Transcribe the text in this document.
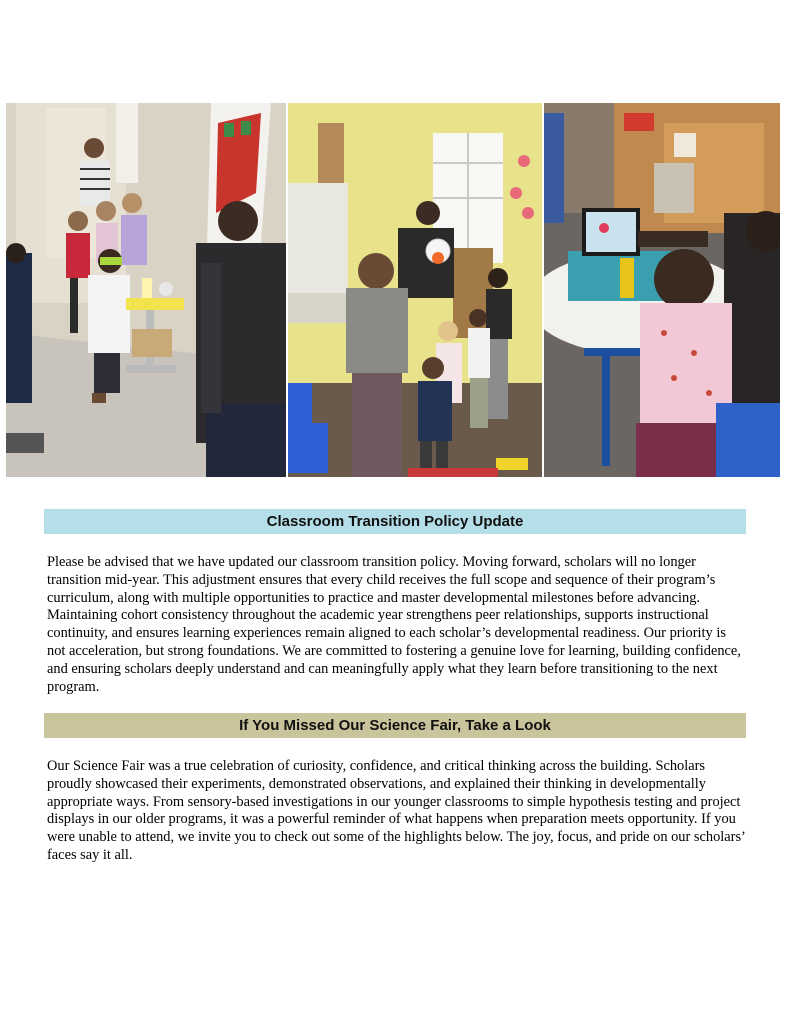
Classroom Transition Policy Update

Please be advised that we have updated our classroom transition policy. Moving forward, scholars will no longer transition mid-year. This adjustment ensures that every child receives the full scope and sequence of their program’s curriculum, along with multiple opportunities to practice and master developmental milestones before advancing. Maintaining cohort consistency throughout the academic year strengthens peer relationships, supports instructional continuity, and ensures learning experiences remain aligned to each scholar’s developmental readiness. Our priority is not acceleration, but strong foundations. We are committed to fostering a genuine love for learning, building confidence, and ensuring scholars deeply understand and can meaningfully apply what they learn before transitioning to the next program.

If You Missed Our Science Fair, Take a Look

Our Science Fair was a true celebration of curiosity, confidence, and critical thinking across the building. Scholars proudly showcased their experiments, demonstrated observations, and explained their thinking in developmentally appropriate ways. From sensory-based investigations in our younger classrooms to simple hypothesis testing and project displays in our older programs, it was a powerful reminder of what happens when preparation meets opportunity. If you were unable to attend, we invite you to check out some of the highlights below. The joy, focus, and pride on our scholars’ faces say it all.
